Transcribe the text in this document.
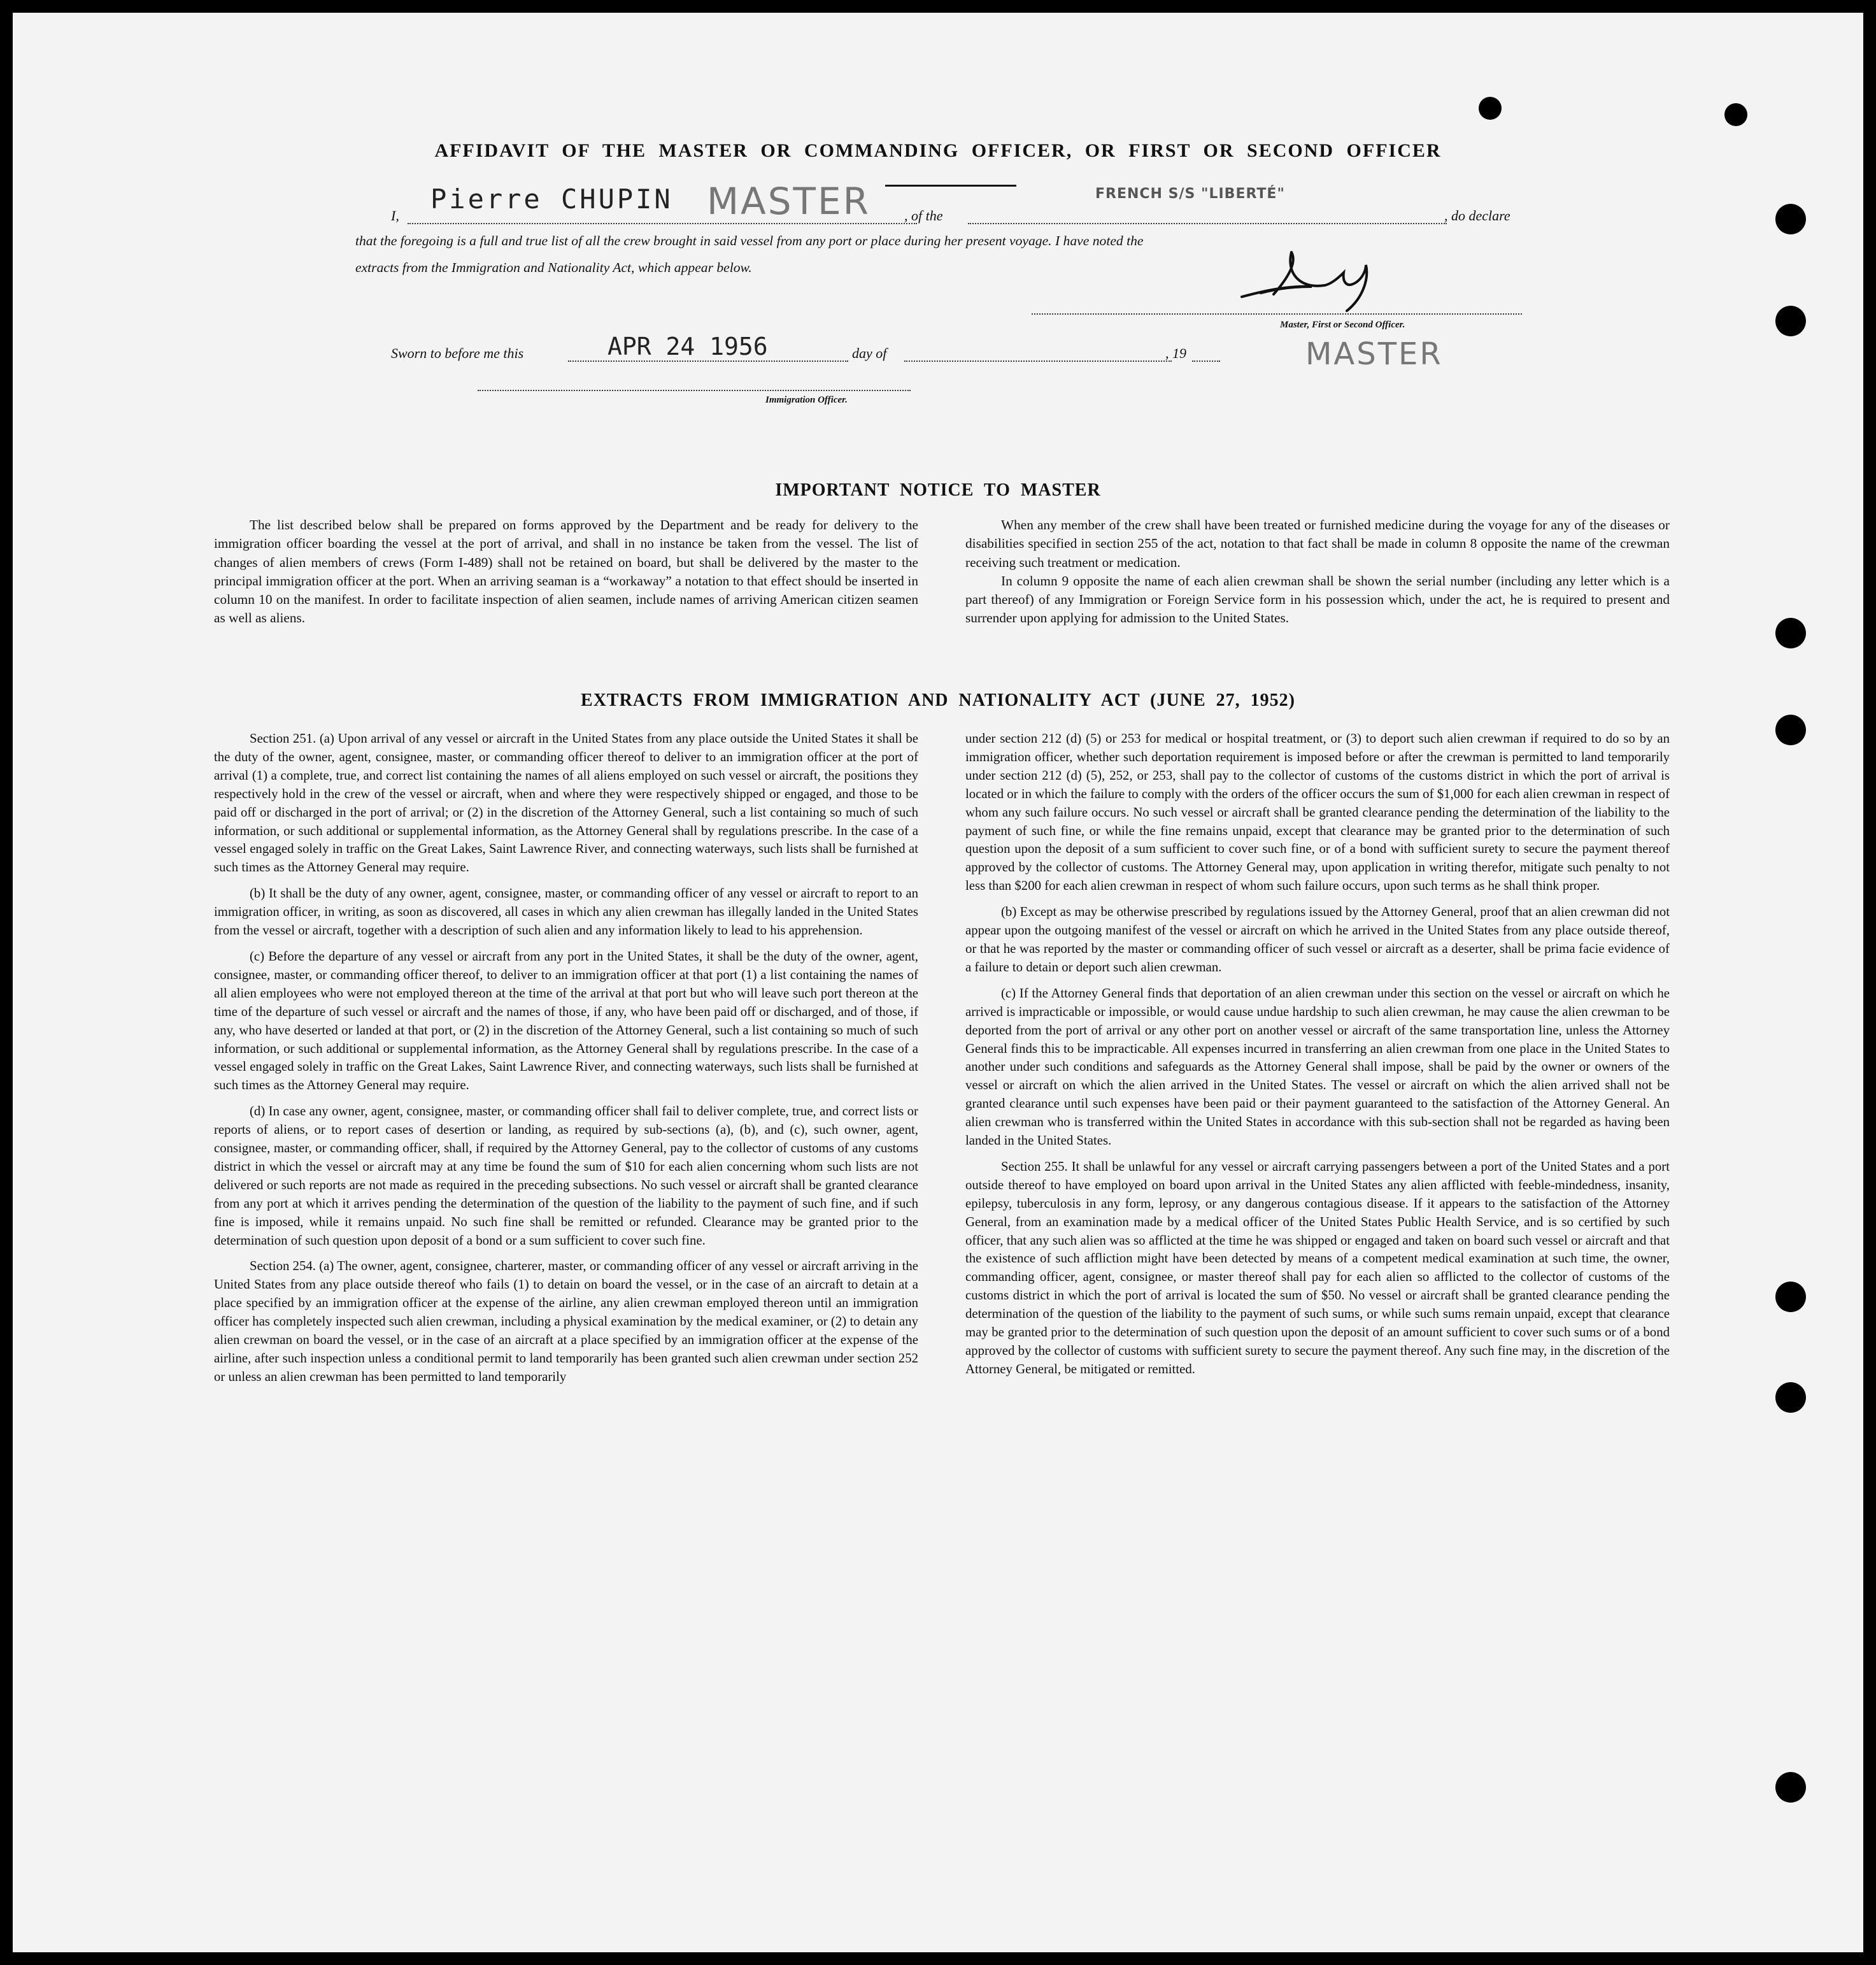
AFFIDAVIT OF THE MASTER OR COMMANDING OFFICER, OR FIRST OR SECOND OFFICER
I,
Pierre CHUPIN MASTER , of the
FRENCH S/S "LIBERTÉ"
, do declare
that the foregoing is a full and true list of all the crew brought in said vessel from any port or place during her present voyage. I have noted the
extracts from the Immigration and Nationality Act, which appear below.
Master, First or Second Officer.
MASTER
Sworn to before me this	APR 24 1956	day of	, 19
Immigration Officer.
IMPORTANT NOTICE TO MASTER

The list described below shall be prepared on forms approved by the Department and be ready for delivery to the immigration officer boarding the vessel at the port of arrival, and shall in no instance be taken from the vessel. The list of changes of alien members of crews (Form I-489) shall not be retained on board, but shall be delivered by the master to the principal immigration officer at the port. When an arriving seaman is a “workaway” a notation to that effect should be inserted in column 10 on the manifest. In order to facilitate inspection of alien seamen, include names of arriving American citizen seamen as well as aliens.

When any member of the crew shall have been treated or furnished medicine during the voyage for any of the diseases or disabilities specified in section 255 of the act, notation to that fact shall be made in column 8 opposite the name of the crewman receiving such treatment or medication.

In column 9 opposite the name of each alien crewman shall be shown the serial number (including any letter which is a part thereof) of any Immigration or Foreign Service form in his possession which, under the act, he is required to present and surrender upon applying for admission to the United States.

EXTRACTS FROM IMMIGRATION AND NATIONALITY ACT (JUNE 27, 1952)

Section 251. (a) Upon arrival of any vessel or aircraft in the United States from any place outside the United States it shall be the duty of the owner, agent, consignee, master, or commanding officer thereof to deliver to an immigration officer at the port of arrival (1) a complete, true, and correct list containing the names of all aliens employed on such vessel or aircraft, the positions they respectively hold in the crew of the vessel or aircraft, when and where they were respectively shipped or engaged, and those to be paid off or discharged in the port of arrival; or (2) in the discretion of the Attorney General, such a list containing so much of such information, or such additional or supplemental information, as the Attorney General shall by regulations prescribe. In the case of a vessel engaged solely in traffic on the Great Lakes, Saint Lawrence River, and connecting waterways, such lists shall be furnished at such times as the Attorney General may require.

(b) It shall be the duty of any owner, agent, consignee, master, or commanding officer of any vessel or aircraft to report to an immigration officer, in writing, as soon as discovered, all cases in which any alien crewman has illegally landed in the United States from the vessel or aircraft, together with a description of such alien and any information likely to lead to his apprehension.

(c) Before the departure of any vessel or aircraft from any port in the United States, it shall be the duty of the owner, agent, consignee, master, or commanding officer thereof, to deliver to an immigration officer at that port (1) a list containing the names of all alien employees who were not employed thereon at the time of the arrival at that port but who will leave such port thereon at the time of the departure of such vessel or aircraft and the names of those, if any, who have been paid off or discharged, and of those, if any, who have deserted or landed at that port, or (2) in the discretion of the Attorney General, such a list containing so much of such information, or such additional or supplemental information, as the Attorney General shall by regulations prescribe. In the case of a vessel engaged solely in traffic on the Great Lakes, Saint Lawrence River, and connecting waterways, such lists shall be furnished at such times as the Attorney General may require.

(d) In case any owner, agent, consignee, master, or commanding officer shall fail to deliver complete, true, and correct lists or reports of aliens, or to report cases of desertion or landing, as required by sub-sections (a), (b), and (c), such owner, agent, consignee, master, or commanding officer, shall, if required by the Attorney General, pay to the collector of customs of any customs district in which the vessel or aircraft may at any time be found the sum of $10 for each alien concerning whom such lists are not delivered or such reports are not made as required in the preceding subsections. No such vessel or aircraft shall be granted clearance from any port at which it arrives pending the determination of the question of the liability to the payment of such fine, and if such fine is imposed, while it remains unpaid. No such fine shall be remitted or refunded. Clearance may be granted prior to the determination of such question upon deposit of a bond or a sum sufficient to cover such fine.

Section 254. (a) The owner, agent, consignee, charterer, master, or commanding officer of any vessel or aircraft arriving in the United States from any place outside thereof who fails (1) to detain on board the vessel, or in the case of an aircraft to detain at a place specified by an immigration officer at the expense of the airline, any alien crewman employed thereon until an immigration officer has completely inspected such alien crewman, including a physical examination by the medical examiner, or (2) to detain any alien crewman on board the vessel, or in the case of an aircraft at a place specified by an immigration officer at the expense of the airline, after such inspection unless a conditional permit to land temporarily has been granted such alien crewman under section 252 or unless an alien crewman has been permitted to land temporarily

under section 212 (d) (5) or 253 for medical or hospital treatment, or (3) to deport such alien crewman if required to do so by an immigration officer, whether such deportation requirement is imposed before or after the crewman is permitted to land temporarily under section 212 (d) (5), 252, or 253, shall pay to the collector of customs of the customs district in which the port of arrival is located or in which the failure to comply with the orders of the officer occurs the sum of $1,000 for each alien crewman in respect of whom any such failure occurs. No such vessel or aircraft shall be granted clearance pending the determination of the liability to the payment of such fine, or while the fine remains unpaid, except that clearance may be granted prior to the determination of such question upon the deposit of a sum sufficient to cover such fine, or of a bond with sufficient surety to secure the payment thereof approved by the collector of customs. The Attorney General may, upon application in writing therefor, mitigate such penalty to not less than $200 for each alien crewman in respect of whom such failure occurs, upon such terms as he shall think proper.

(b) Except as may be otherwise prescribed by regulations issued by the Attorney General, proof that an alien crewman did not appear upon the outgoing manifest of the vessel or aircraft on which he arrived in the United States from any place outside thereof, or that he was reported by the master or commanding officer of such vessel or aircraft as a deserter, shall be prima facie evidence of a failure to detain or deport such alien crewman.

(c) If the Attorney General finds that deportation of an alien crewman under this section on the vessel or aircraft on which he arrived is impracticable or impossible, or would cause undue hardship to such alien crewman, he may cause the alien crewman to be deported from the port of arrival or any other port on another vessel or aircraft of the same transportation line, unless the Attorney General finds this to be impracticable. All expenses incurred in transferring an alien crewman from one place in the United States to another under such conditions and safeguards as the Attorney General shall impose, shall be paid by the owner or owners of the vessel or aircraft on which the alien arrived in the United States. The vessel or aircraft on which the alien arrived shall not be granted clearance until such expenses have been paid or their payment guaranteed to the satisfaction of the Attorney General. An alien crewman who is transferred within the United States in accordance with this sub-section shall not be regarded as having been landed in the United States.

Section 255. It shall be unlawful for any vessel or aircraft carrying passengers between a port of the United States and a port outside thereof to have employed on board upon arrival in the United States any alien afflicted with feeble-mindedness, insanity, epilepsy, tuberculosis in any form, leprosy, or any dangerous contagious disease. If it appears to the satisfaction of the Attorney General, from an examination made by a medical officer of the United States Public Health Service, and is so certified by such officer, that any such alien was so afflicted at the time he was shipped or engaged and taken on board such vessel or aircraft and that the existence of such affliction might have been detected by means of a competent medical examination at such time, the owner, commanding officer, agent, consignee, or master thereof shall pay for each alien so afflicted to the collector of customs of the customs district in which the port of arrival is located the sum of $50. No vessel or aircraft shall be granted clearance pending the determination of the question of the liability to the payment of such sums, or while such sums remain unpaid, except that clearance may be granted prior to the determination of such question upon the deposit of an amount sufficient to cover such sums or of a bond approved by the collector of customs with sufficient surety to secure the payment thereof. Any such fine may, in the discretion of the Attorney General, be mitigated or remitted.
